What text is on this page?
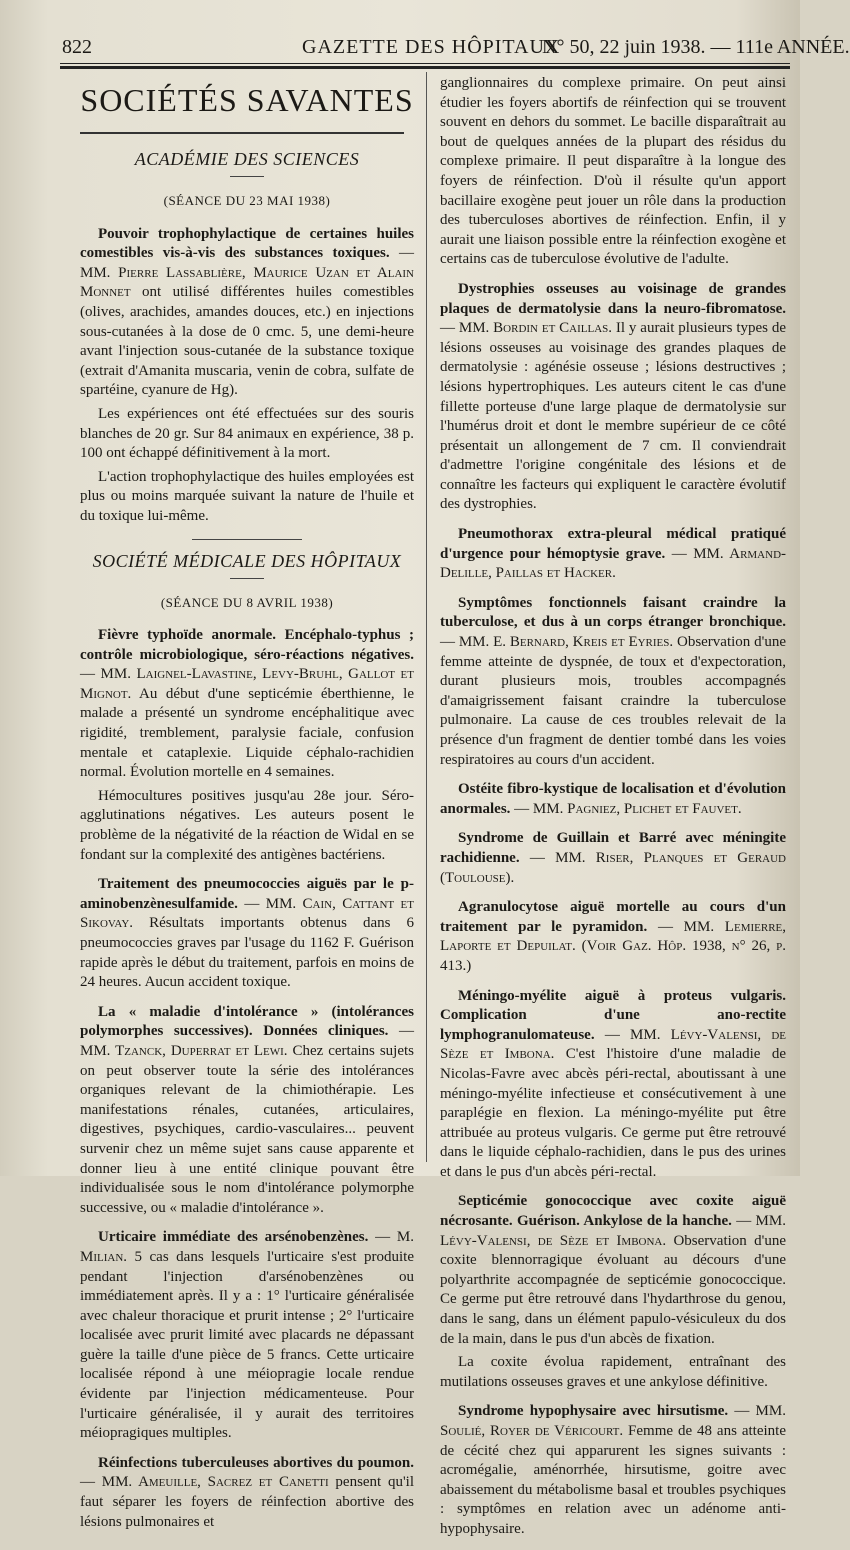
822	GAZETTE DES HÔPITAUX
N° 50, 22 juin 1938. — 111e ANNÉE.
SOCIÉTÉS SAVANTES
ACADÉMIE DES SCIENCES
(SÉANCE DU 23 MAI 1938)

Pouvoir trophophylactique de certaines huiles comestibles vis-à-vis des substances toxiques. — MM. Pierre Lassablière, Maurice Uzan et Alain Monnet ont utilisé différentes huiles comestibles (olives, arachides, amandes douces, etc.) en injections sous-cutanées à la dose de 0 cmc. 5, une demi-heure avant l'injection sous-cutanée de la substance toxique (extrait d'Amanita muscaria, venin de cobra, sulfate de spartéine, cyanure de Hg).

Les expériences ont été effectuées sur des souris blanches de 20 gr. Sur 84 animaux en expérience, 38 p. 100 ont échappé définitivement à la mort.

L'action trophophylactique des huiles employées est plus ou moins marquée suivant la nature de l'huile et du toxique lui-même.

SOCIÉTÉ MÉDICALE DES HÔPITAUX
(SÉANCE DU 8 AVRIL 1938)

Fièvre typhoïde anormale. Encéphalo-typhus ; contrôle microbiologique, séro-réactions négatives. — MM. Laignel-Lavastine, Levy-Bruhl, Gallot et Mignot. Au début d'une septicémie éberthienne, le malade a présenté un syndrome encéphalitique avec rigidité, tremblement, paralysie faciale, confusion mentale et cataplexie. Liquide céphalo-rachidien normal. Évolution mortelle en 4 semaines.

Hémocultures positives jusqu'au 28e jour. Séro-agglutinations négatives. Les auteurs posent le problème de la négativité de la réaction de Widal en se fondant sur la complexité des antigènes bactériens.

Traitement des pneumococcies aiguës par le p-aminobenzènesulfamide. — MM. Cain, Cattant et Sikovay. Résultats importants obtenus dans 6 pneumococcies graves par l'usage du 1162 F. Guérison rapide après le début du traitement, parfois en moins de 24 heures. Aucun accident toxique.

La « maladie d'intolérance » (intolérances polymorphes successives). Données cliniques. — MM. Tzanck, Duperrat et Lewi. Chez certains sujets on peut observer toute la série des intolérances organiques relevant de la chimiothérapie. Les manifestations rénales, cutanées, articulaires, digestives, psychiques, cardio-vasculaires... peuvent survenir chez un même sujet sans cause apparente et donner lieu à une entité clinique pouvant être individualisée sous le nom d'intolérance polymorphe successive, ou « maladie d'intolérance ».

Urticaire immédiate des arsénobenzènes. — M. Milian. 5 cas dans lesquels l'urticaire s'est produite pendant l'injection d'arsénobenzènes ou immédiatement après. Il y a : 1° l'urticaire généralisée avec chaleur thoracique et prurit intense ; 2° l'urticaire localisée avec prurit limité avec placards ne dépassant guère la taille d'une pièce de 5 francs. Cette urticaire localisée répond à une méiopragie locale rendue évidente par l'injection médicamenteuse. Pour l'urticaire généralisée, il y aurait des territoires méiopragiques multiples.

Réinfections tuberculeuses abortives du poumon. — MM. Ameuille, Sacrez et Canetti pensent qu'il faut séparer les foyers de réinfection abortive des lésions pulmonaires et

ganglionnaires du complexe primaire. On peut ainsi étudier les foyers abortifs de réinfection qui se trouvent souvent en dehors du sommet. Le bacille disparaîtrait au bout de quelques années de la plupart des résidus du complexe primaire. Il peut disparaître à la longue des foyers de réinfection. D'où il résulte qu'un apport bacillaire exogène peut jouer un rôle dans la production des tuberculoses abortives de réinfection. Enfin, il y aurait une liaison possible entre la réinfection exogène et certains cas de tuberculose évolutive de l'adulte.

Dystrophies osseuses au voisinage de grandes plaques de dermatolysie dans la neuro-fibromatose. — MM. Bordin et Caillas. Il y aurait plusieurs types de lésions osseuses au voisinage des grandes plaques de dermatolysie : agénésie osseuse ; lésions destructives ; lésions hypertrophiques. Les auteurs citent le cas d'une fillette porteuse d'une large plaque de dermatolysie sur l'humérus droit et dont le membre supérieur de ce côté présentait un allongement de 7 cm. Il conviendrait d'admettre l'origine congénitale des lésions et de connaître les facteurs qui expliquent le caractère évolutif des dystrophies.

Pneumothorax extra-pleural médical pratiqué d'urgence pour hémoptysie grave. — MM. Armand-Delille, Paillas et Hacker.

Symptômes fonctionnels faisant craindre la tuberculose, et dus à un corps étranger bronchique. — MM. E. Bernard, Kreis et Eyries. Observation d'une femme atteinte de dyspnée, de toux et d'expectoration, durant plusieurs mois, troubles accompagnés d'amaigrissement faisant craindre la tuberculose pulmonaire. La cause de ces troubles relevait de la présence d'un fragment de dentier tombé dans les voies respiratoires au cours d'un accident.

Ostéite fibro-kystique de localisation et d'évolution anormales. — MM. Pagniez, Plichet et Fauvet.

Syndrome de Guillain et Barré avec méningite rachidienne. — MM. Riser, Planques et Geraud (Toulouse).

Agranulocytose aiguë mortelle au cours d'un traitement par le pyramidon. — MM. Lemierre, Laporte et Depuilat. (Voir Gaz. Hôp. 1938, n° 26, p. 413.)

Méningo-myélite aiguë à proteus vulgaris. Complication d'une ano-rectite lymphogranulomateuse. — MM. Lévy-Valensi, de Sèze et Imbona. C'est l'histoire d'une maladie de Nicolas-Favre avec abcès péri-rectal, aboutissant à une méningo-myélite infectieuse et consécutivement à une paraplégie en flexion. La méningo-myélite put être attribuée au proteus vulgaris. Ce germe put être retrouvé dans le liquide céphalo-rachidien, dans le pus des urines et dans le pus d'un abcès péri-rectal.

Septicémie gonococcique avec coxite aiguë nécrosante. Guérison. Ankylose de la hanche. — MM. Lévy-Valensi, de Sèze et Imbona. Observation d'une coxite blennorragique évoluant au décours d'une polyarthrite accompagnée de septicémie gonococcique. Ce germe put être retrouvé dans l'hydarthrose du genou, dans le sang, dans un élément papulo-vésiculeux du dos de la main, dans le pus d'un abcès de fixation.

La coxite évolua rapidement, entraînant des mutilations osseuses graves et une ankylose définitive.

Syndrome hypophysaire avec hirsutisme. — MM. Soulié, Royer de Véricourt. Femme de 48 ans atteinte de cécité chez qui apparurent les signes suivants : acromégalie, aménorrhée, hirsutisme, goitre avec abaissement du métabolisme basal et troubles psychiques : symptômes en relation avec un adénome anti-hypophysaire.
